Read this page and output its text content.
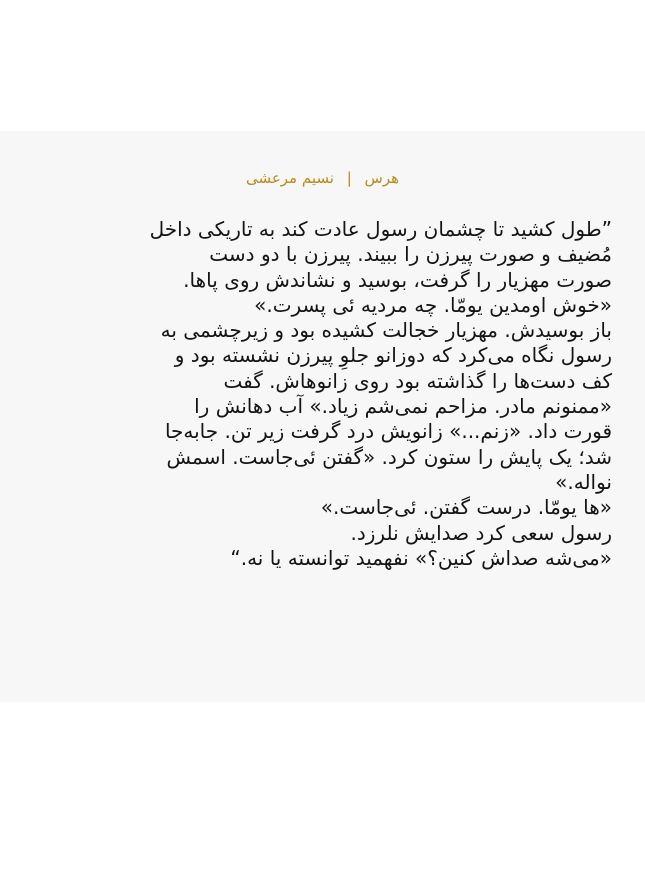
هرس | نسیم مرعشی
”طول کشید تا چشمان رسول عادت کند به تاریکی داخل
مُضیف و صورت پیرزن را ببیند. پیرزن با دو دست
صورت مهزیار را گرفت، بوسید و نشاندش روی پاها.
«خوش اومدین یومّا. چه مردیه ئی پسرت.»
باز بوسیدش. مهزیار خجالت کشیده بود و زیرچشمی به
رسول نگاه می‌کرد که دوزانو جلوِ پیرزن نشسته بود و
کف دست‌ها را گذاشته بود روی زانوهاش. گفت
«ممنونم مادر. مزاحم نمی‌شم زیاد.» آب دهانش را
قورت داد. «زنم...» زانویش درد گرفت زیر تن. جابه‌جا
شد؛ یک پایش را ستون کرد. «گفتن ئی‌جاست. اسمش
نواله.»
«ها یومّا. درست گفتن. ئی‌جاست.»
رسول سعی کرد صدایش نلرزد.
«می‌شه صداش کنین؟» نفهمید توانسته یا نه.“
